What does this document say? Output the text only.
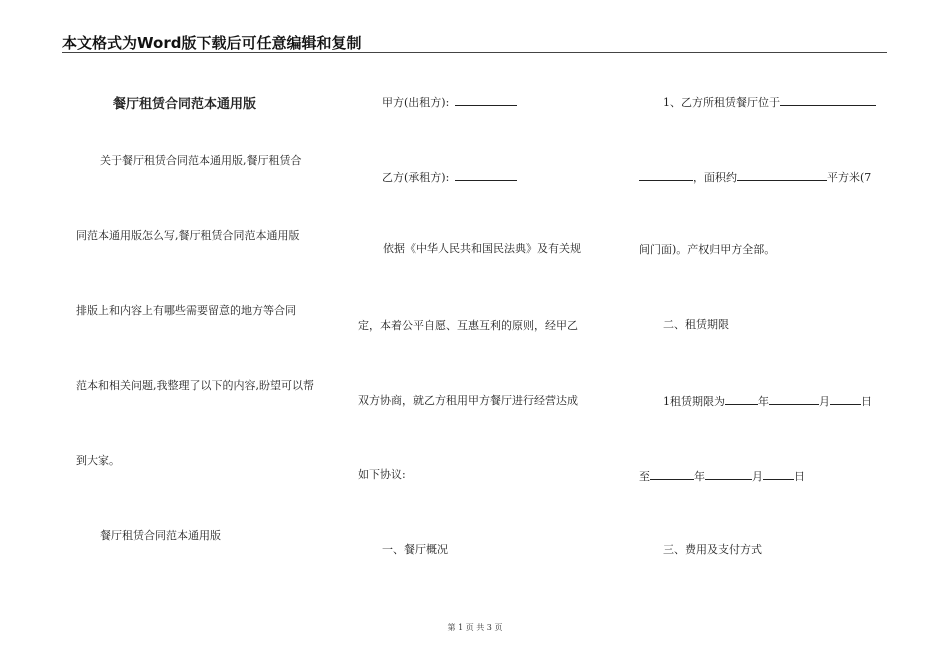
本文格式为Word版下载后可任意编辑和复制
餐厅租赁合同范本通用版
关于餐厅租赁合同范本通用版,餐厅租赁合
同范本通用版怎么写,餐厅租赁合同范本通用版
排版上和内容上有哪些需要留意的地方等合同
范本和相关问题,我整理了以下的内容,盼望可以帮
到大家。
餐厅租赁合同范本通用版
甲方(出租方):
乙方(承租方):
依据《中华人民共和国民法典》及有关规
定，本着公平自愿、互惠互利的原则，经甲乙
双方协商，就乙方租用甲方餐厅进行经营达成
如下协议:
一、餐厅概况
1、乙方所租赁餐厅位于
，面积约	平方米(7
间门面)。产权归甲方全部。
二、租赁期限
1租赁期限为	年	月	日
至	年	月	日
三、费用及支付方式
第 1 页 共 3 页
